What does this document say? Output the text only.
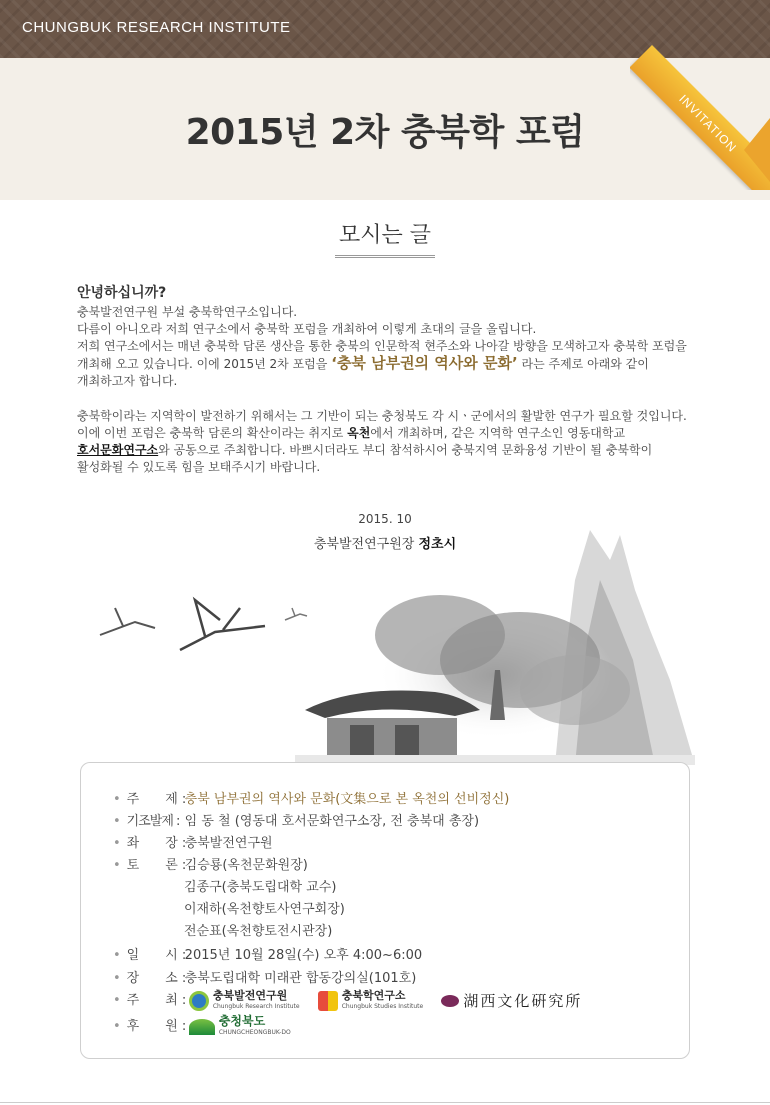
CHUNGBUK RESEARCH INSTITUTE
INVITATION
2015년 2차 충북학 포럼
모시는 글
안녕하십니까?
충북발전연구원 부설 충북학연구소입니다.
다름이 아니오라 저희 연구소에서 충북학 포럼을 개최하여 이렇게 초대의 글을 올립니다.
저희 연구소에서는 매년 충북학 담론 생산을 통한 충북의 인문학적 현주소와 나아갈 방향을 모색하고자 충북학 포럼을
개최해 오고 있습니다. 이에 2015년 2차 포럼을 ‘충북 남부권의 역사와 문화’ 라는 주제로 아래와 같이
개최하고자 합니다.
충북학이라는 지역학이 발전하기 위해서는 그 기반이 되는 충청북도 각 시ㆍ군에서의 활발한 연구가 필요할 것입니다.
이에 이번 포럼은 충북학 담론의 확산이라는 취지로 옥천에서 개최하며, 같은 지역학 연구소인 영동대학교
호서문화연구소와 공동으로 주최합니다. 바쁘시더라도 부디 참석하시어 충북지역 문화융성 기반이 될 충북학이
활성화될 수 있도록 힘을 보태주시기 바랍니다.
2015. 10
충북발전연구원장 정초시
• 주　　제 :충북 남부권의 역사와 문화(文集으로 본 옥천의 선비정신)
• 기조발제 : 임 동 철 (영동대 호서문화연구소장, 전 충북대 총장)
• 좌　　장 :충북발전연구원
• 토　　론 :김승룡(옥천문화원장)
김종구(충북도립대학 교수)
이재하(옥천향토사연구회장)
전순표(옥천향토전시관장)
• 일　　시 :2015년 10월 28일(수) 오후 4:00~6:00
• 장　　소 :충북도립대학 미래관 합동강의실(101호)
• 주　　최 : 충북발전연구원
Chungbuk Research Institute

충북학연구소
Chungbuk Studies Institute
	湖西文化硏究所
• 후　　원 :	충청북도
CHUNGCHEONGBUK-DO
